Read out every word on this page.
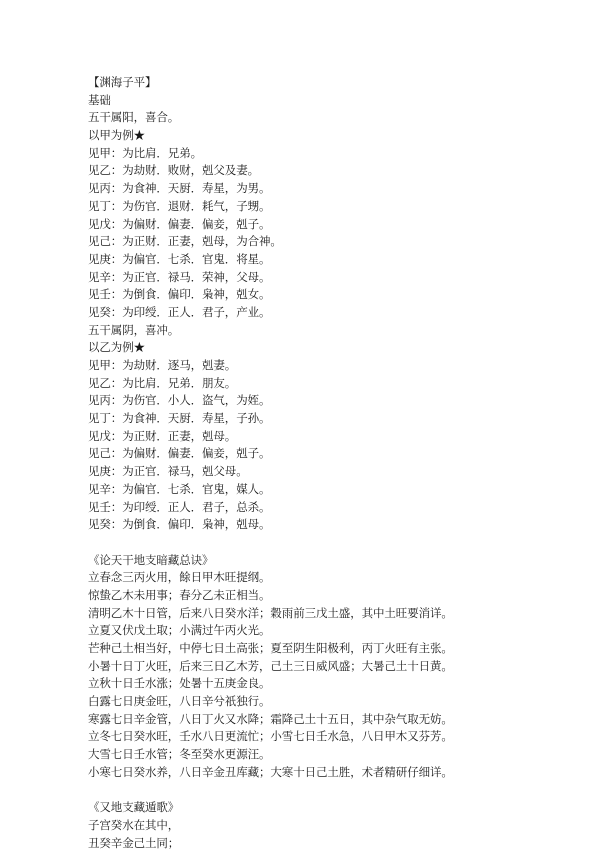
【渊海子平】
基础
五干属阳，喜合。
以甲为例★
见甲：为比肩．兄弟。
见乙：为劫财．败财，剋父及妻。
见丙：为食神．天厨．寿星，为男。
见丁：为伤官．退财．耗气，子甥。
见戊：为偏财．偏妻．偏妾，剋子。
见己：为正财．正妻，剋母，为合神。
见庚：为偏官．七杀．官鬼．将星。
见辛：为正官．禄马．荣神，父母。
见壬：为倒食．偏印．枭神，剋女。
见癸：为印绶．正人．君子，产业。
五干属阴，喜冲。
以乙为例★
见甲：为劫财．逐马，剋妻。
见乙：为比肩．兄弟．朋友。
见丙：为伤官．小人．盗气，为姪。
见丁：为食神．天厨．寿星，子孙。
见戊：为正财．正妻，剋母。
见己：为偏财．偏妻．偏妾，剋子。
见庚：为正官．禄马，剋父母。
见辛：为偏官．七杀．官鬼，媒人。
见壬：为印绶．正人．君子，总杀。
见癸：为倒食．偏印．枭神，剋母。
《论天干地支暗藏总诀》
立春念三丙火用，餘日甲木旺提纲。
惊蛰乙木未用事；春分乙未正相当。
清明乙木十日管，后来八日癸水洋；穀雨前三戊土盛，其中土旺要消详。
立夏又伏戊土取；小满过午丙火光。
芒种己土相当好，中停七日土高张；夏至阴生阳极利，丙丁火旺有主张。
小暑十日丁火旺，后来三日乙木芳，己土三日威风盛；大暑己土十日黄。
立秋十日壬水涨；处暑十五庚金良。
白露七日庚金旺，八日辛兮祇独行。
寒露七日辛金管，八日丁火又水降；霜降己土十五日，其中杂气取无妨。
立冬七日癸水旺，壬水八日更流忙；小雪七日壬水急，八日甲木又芬芳。
大雪七日壬水管；冬至癸水更源汪。
小寒七日癸水养，八日辛金丑库藏；大寒十日己土胜，术者精研仔细详。
《又地支藏遁歌》
子宫癸水在其中，
丑癸辛金己土同；
